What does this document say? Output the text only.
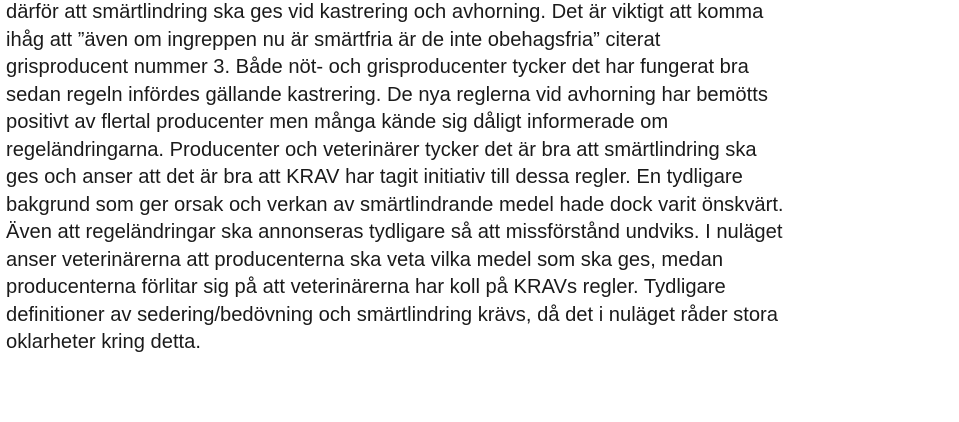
därför att smärtlindring ska ges vid kastrering och avhorning. Det är viktigt att komma
ihåg att ”även om ingreppen nu är smärtfria är de inte obehagsfria” citerat
grisproducent nummer 3. Både nöt- och grisproducenter tycker det har fungerat bra
sedan regeln infördes gällande kastrering. De nya reglerna vid avhorning har bemötts
positivt av flertal producenter men många kände sig dåligt informerade om
regeländringarna. Producenter och veterinärer tycker det är bra att smärtlindring ska
ges och anser att det är bra att KRAV har tagit initiativ till dessa regler. En tydligare
bakgrund som ger orsak och verkan av smärtlindrande medel hade dock varit önskvärt.
Även att regeländringar ska annonseras tydligare så att missförstånd undviks. I nuläget
anser veterinärerna att producenterna ska veta vilka medel som ska ges, medan
producenterna förlitar sig på att veterinärerna har koll på KRAVs regler. Tydligare
definitioner av sedering/bedövning och smärtlindring krävs, då det i nuläget råder stora
oklarheter kring detta.
